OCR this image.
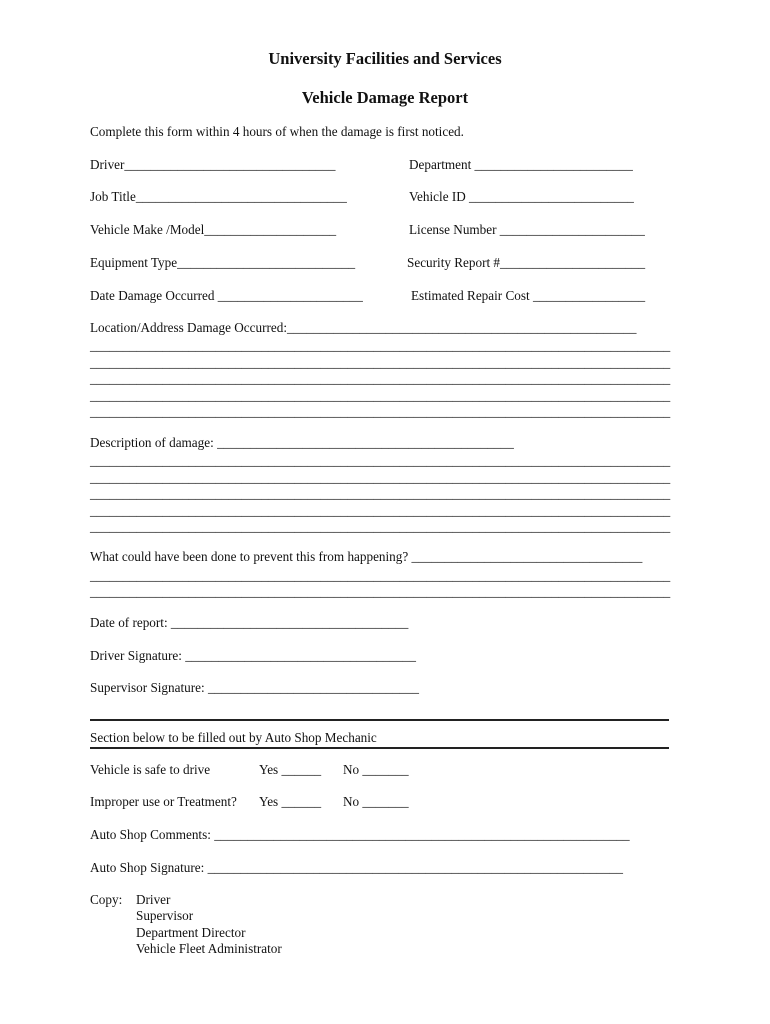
University Facilities and Services
Vehicle Damage Report
Complete this form within 4 hours of when the damage is first noticed.
Driver________________________________	Department ________________________
Job Title________________________________	Vehicle ID _________________________
Vehicle Make /Model____________________	License Number ______________________
Equipment Type___________________________	Security Report #______________________
Date Damage Occurred ______________________	Estimated Repair Cost _________________
Location/Address Damage Occurred:_____________________________________________________
________________________________________________________________________________________
________________________________________________________________________________________
________________________________________________________________________________________
________________________________________________________________________________________
________________________________________________________________________________________
Description of damage: _____________________________________________
________________________________________________________________________________________
________________________________________________________________________________________
________________________________________________________________________________________
________________________________________________________________________________________
________________________________________________________________________________________
What could have been done to prevent this from happening? ___________________________________
________________________________________________________________________________________
________________________________________________________________________________________
Date of report: ____________________________________
Driver Signature: ___________________________________
Supervisor Signature: ________________________________
Section below to be filled out by Auto Shop Mechanic
Vehicle is safe to drive	Yes ______ No _______
Improper use or Treatment? Yes ______ No _______
Auto Shop Comments: _______________________________________________________________
Auto Shop Signature: _______________________________________________________________
Copy: Driver
Supervisor
Department Director
Vehicle Fleet Administrator
